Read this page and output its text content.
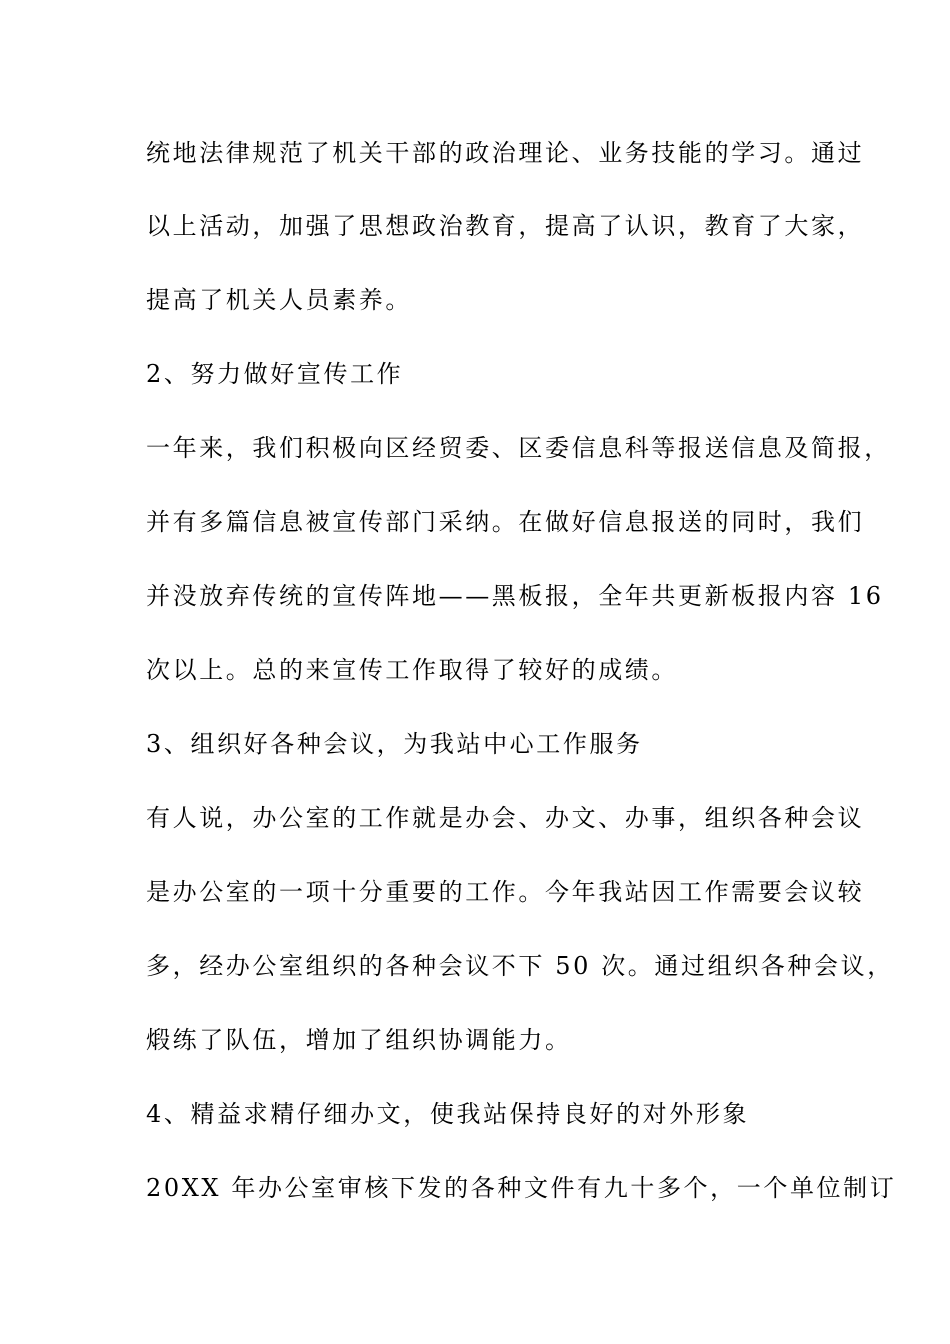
统地法律规范了机关干部的政治理论、业务技能的学习。通过
以上活动，加强了思想政治教育，提高了认识，教育了大家，
提高了机关人员素养。
2、努力做好宣传工作
一年来，我们积极向区经贸委、区委信息科等报送信息及简报，
并有多篇信息被宣传部门采纳。在做好信息报送的同时，我们
并没放弃传统的宣传阵地——黑板报，全年共更新板报内容 16
次以上。总的来宣传工作取得了较好的成绩。
3、组织好各种会议，为我站中心工作服务
有人说，办公室的工作就是办会、办文、办事，组织各种会议
是办公室的一项十分重要的工作。今年我站因工作需要会议较
多，经办公室组织的各种会议不下 50 次。通过组织各种会议，
煅练了队伍，增加了组织协调能力。
4、精益求精仔细办文，使我站保持良好的对外形象
20XX 年办公室审核下发的各种文件有九十多个，一个单位制订
